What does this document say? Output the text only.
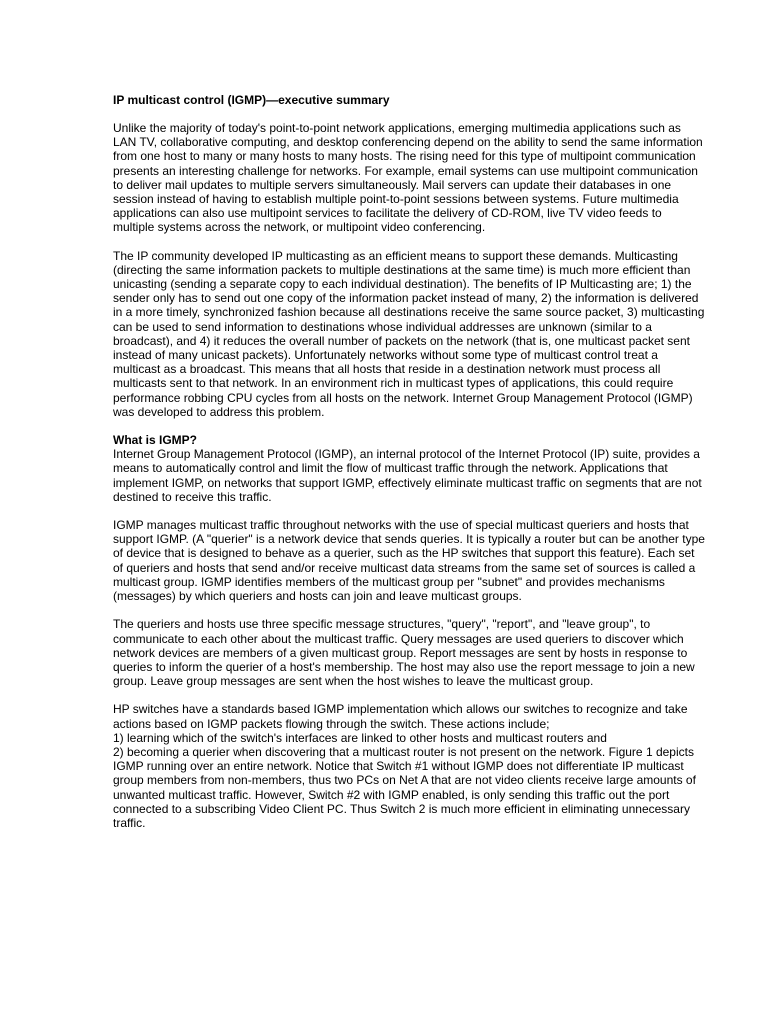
IP multicast control (IGMP)—executive summary

Unlike the majority of today's point-to-point network applications, emerging multimedia applications such as LAN TV, collaborative computing, and desktop conferencing depend on the ability to send the same information from one host to many or many hosts to many hosts. The rising need for this type of multipoint communication presents an interesting challenge for networks. For example, email systems can use multipoint communication to deliver mail updates to multiple servers simultaneously. Mail servers can update their databases in one session instead of having to establish multiple point-to-point sessions between systems. Future multimedia applications can also use multipoint services to facilitate the delivery of CD-ROM, live TV video feeds to multiple systems across the network, or multipoint video conferencing.

The IP community developed IP multicasting as an efficient means to support these demands. Multicasting (directing the same information packets to multiple destinations at the same time) is much more efficient than unicasting (sending a separate copy to each individual destination). The benefits of IP Multicasting are; 1) the sender only has to send out one copy of the information packet instead of many, 2) the information is delivered in a more timely, synchronized fashion because all destinations receive the same source packet, 3) multicasting can be used to send information to destinations whose individual addresses are unknown (similar to a broadcast), and 4) it reduces the overall number of packets on the network (that is, one multicast packet sent instead of many unicast packets). Unfortunately networks without some type of multicast control treat a multicast as a broadcast. This means that all hosts that reside in a destination network must process all multicasts sent to that network. In an environment rich in multicast types of applications, this could require performance robbing CPU cycles from all hosts on the network. Internet Group Management Protocol (IGMP) was developed to address this problem.

What is IGMP?

Internet Group Management Protocol (IGMP), an internal protocol of the Internet Protocol (IP) suite, provides a means to automatically control and limit the flow of multicast traffic through the network. Applications that implement IGMP, on networks that support IGMP, effectively eliminate multicast traffic on segments that are not destined to receive this traffic.

IGMP manages multicast traffic throughout networks with the use of special multicast queriers and hosts that support IGMP. (A "querier" is a network device that sends queries. It is typically a router but can be another type of device that is designed to behave as a querier, such as the HP switches that support this feature). Each set of queriers and hosts that send and/or receive multicast data streams from the same set of sources is called a multicast group. IGMP identifies members of the multicast group per "subnet" and provides mechanisms (messages) by which queriers and hosts can join and leave multicast groups.

The queriers and hosts use three specific message structures, "query", "report", and "leave group", to communicate to each other about the multicast traffic. Query messages are used queriers to discover which network devices are members of a given multicast group. Report messages are sent by hosts in response to queries to inform the querier of a host's membership. The host may also use the report message to join a new group. Leave group messages are sent when the host wishes to leave the multicast group.

HP switches have a standards based IGMP implementation which allows our switches to recognize and take actions based on IGMP packets flowing through the switch. These actions include;
1) learning which of the switch's interfaces are linked to other hosts and multicast routers and
2) becoming a querier when discovering that a multicast router is not present on the network. Figure 1 depicts IGMP running over an entire network. Notice that Switch #1 without IGMP does not differentiate IP multicast group members from non-members, thus two PCs on Net A that are not video clients receive large amounts of unwanted multicast traffic. However, Switch #2 with IGMP enabled, is only sending this traffic out the port connected to a subscribing Video Client PC. Thus Switch 2 is much more efficient in eliminating unnecessary traffic.
